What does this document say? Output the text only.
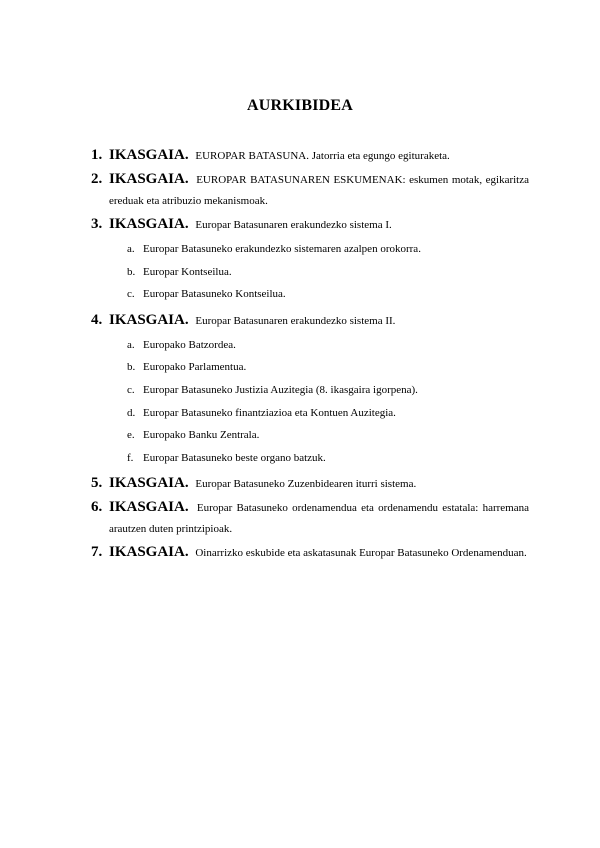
AURKIBIDEA
1. IKASGAIA. EUROPAR BATASUNA. Jatorria eta egungo egituraketa.
2. IKASGAIA. EUROPAR BATASUNAREN ESKUMENAK: eskumen motak, egikaritza ereduak eta atribuzio mekanismoak.
3. IKASGAIA. Europar Batasunaren erakundezko sistema I.
a. Europar Batasuneko erakundezko sistemaren azalpen orokorra.
b. Europar Kontseilua.
c. Europar Batasuneko Kontseilua.
4. IKASGAIA. Europar Batasunaren erakundezko sistema II.
a. Europako Batzordea.
b. Europako Parlamentua.
c. Europar Batasuneko Justizia Auzitegia (8. ikasgaira igorpena).
d. Europar Batasuneko finantziazioa eta Kontuen Auzitegia.
e. Europako Banku Zentrala.
f. Europar Batasuneko beste organo batzuk.
5. IKASGAIA. Europar Batasuneko Zuzenbidearen iturri sistema.
6. IKASGAIA. Europar Batasuneko ordenamendua eta ordenamendu estatala: harremana arautzen duten printzipioak.
7. IKASGAIA. Oinarrizko eskubide eta askatasunak Europar Batasuneko Ordenamenduan.
